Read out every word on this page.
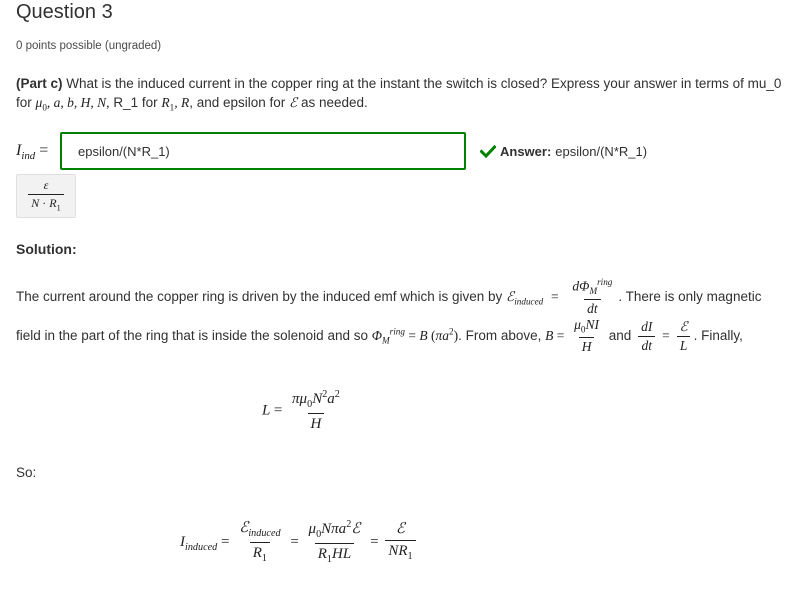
Question 3
0 points possible (ungraded)
(Part c) What is the induced current in the copper ring at the instant the switch is closed? Express your answer in terms of mu_0
for $\mu_0$, a, b, H, N, R_1 for $R_1$, R, and epsilon for ℰ as needed.
$I_{ind}$ =
epsilon/(N*R_1)	Answer: epsilon/(N*R_1)
$\frac{\varepsilon}{N \cdot R_1}$
Solution:
The current around the copper ring is driven by the induced emf which is given by ℰ$_{induced}$ = $\frac{d\Phi_M^{ring}}{dt}$ . There is only magnetic
field in the part of the ring that is inside the solenoid and so $\Phi_M^{ring} = B$ $(\pi a^2)$. From above, $B = \frac{\mu_0NI}{H}$ and $\frac{dI}{dt} = \frac{\text{ℰ}}{L}$ . Finally,
$L = \frac{\pi\mu_0N^2a^2}{H}$
So:
$I_{induced} = \frac{ℰ_{induced}}{R_1} = \frac{\mu_0N\pi a^2ℰ}{R_1HL} = \frac{\text{ℰ}}{NR_1}$
